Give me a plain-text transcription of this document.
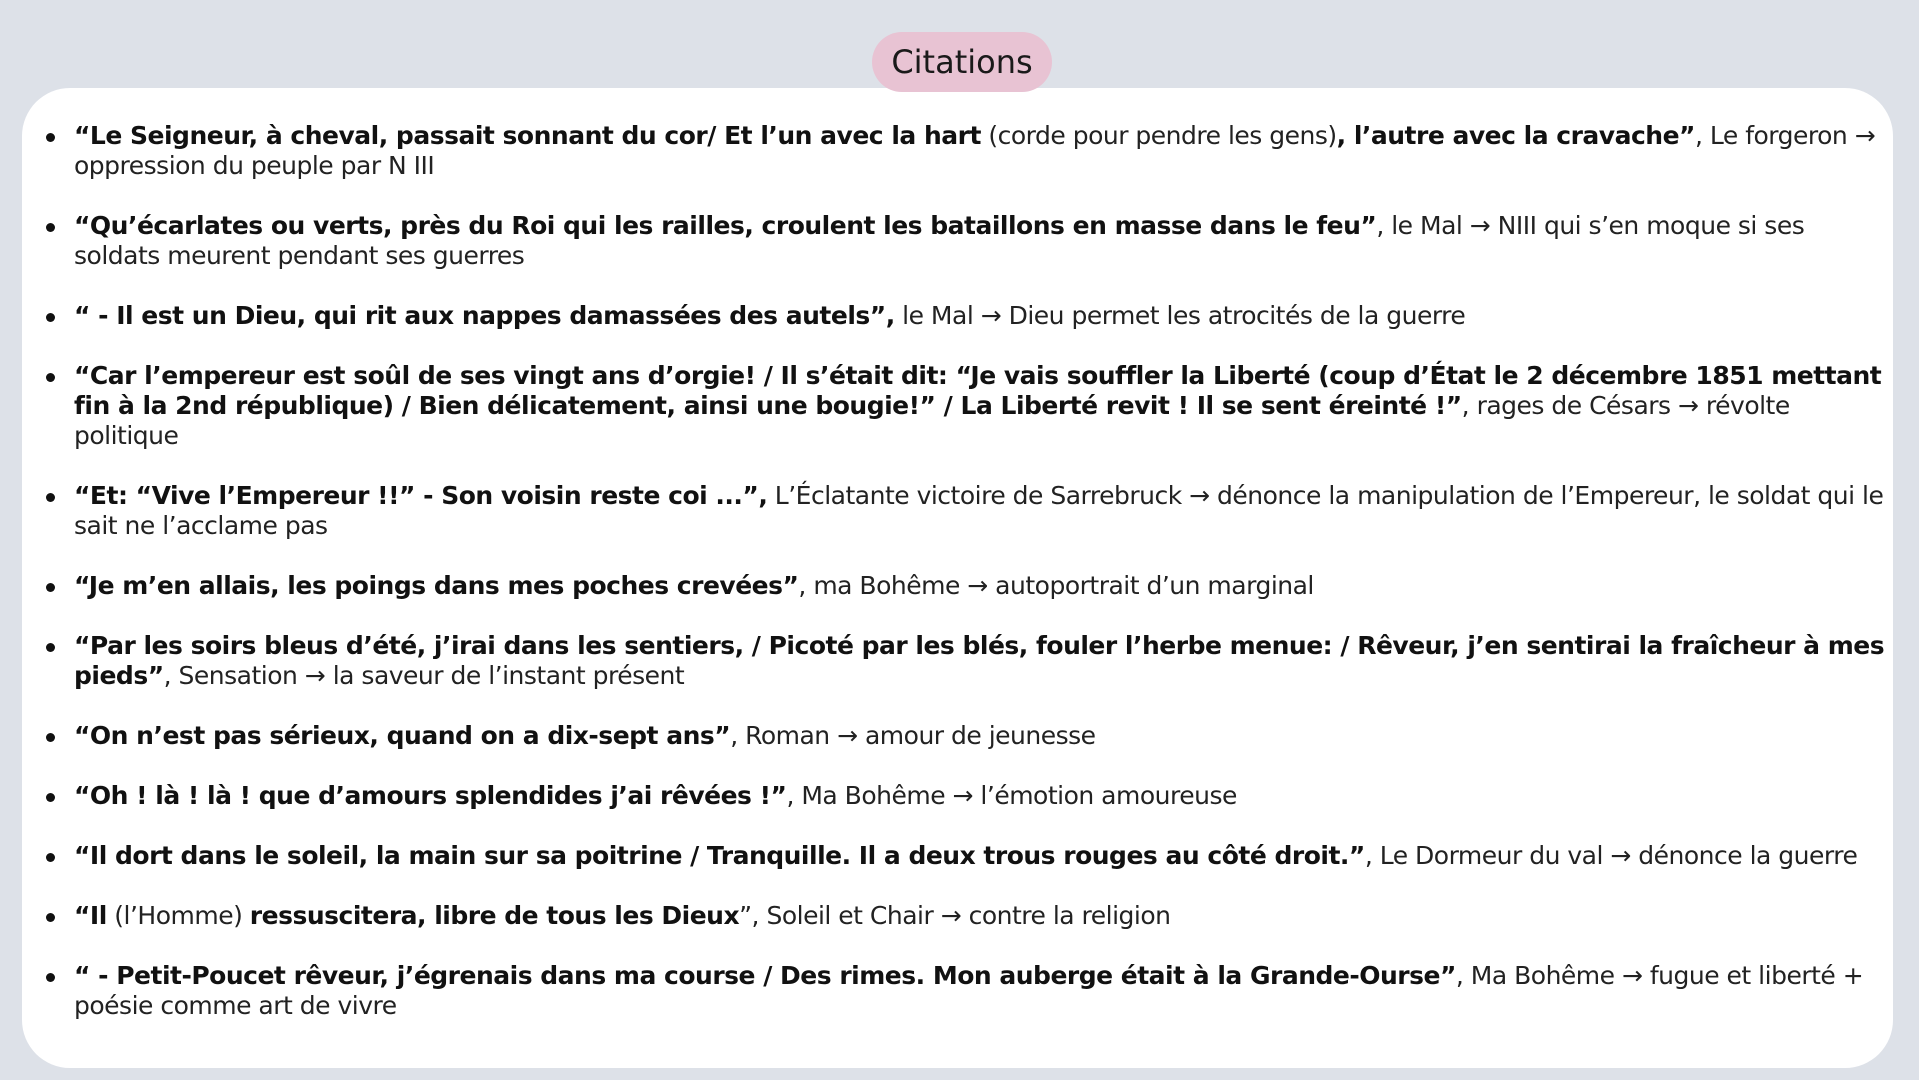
Citations
“Le Seigneur, à cheval, passait sonnant du cor/ Et l’un avec la hart (corde pour pendre les gens), l’autre avec la cravache”, Le forgeron → oppression du peuple par N III
“Qu’écarlates ou verts, près du Roi qui les railles, croulent les bataillons en masse dans le feu”, le Mal → NIII qui s’en moque si ses soldats meurent pendant ses guerres
“ - Il est un Dieu, qui rit aux nappes damassées des autels”, le Mal → Dieu permet les atrocités de la guerre
“Car l’empereur est soûl de ses vingt ans d’orgie! / Il s’était dit: “Je vais souffler la Liberté (coup d’État le 2 décembre 1851 mettant fin à la 2nd république) / Bien délicatement, ainsi une bougie!” / La Liberté revit ! Il se sent éreinté !”, rages de Césars → révolte politique
“Et: “Vive l’Empereur !!” - Son voisin reste coi ...”, L’Éclatante victoire de Sarrebruck → dénonce la manipulation de l’Empereur, le soldat qui le sait ne l’acclame pas
“Je m’en allais, les poings dans mes poches crevées”, ma Bohême → autoportrait d’un marginal
“Par les soirs bleus d’été, j’irai dans les sentiers, / Picoté par les blés, fouler l’herbe menue: / Rêveur, j’en sentirai la fraîcheur à mes pieds”, Sensation → la saveur de l’instant présent
“On n’est pas sérieux, quand on a dix-sept ans”, Roman → amour de jeunesse
“Oh ! là ! là ! que d’amours splendides j’ai rêvées !”, Ma Bohême → l’émotion amoureuse
“Il dort dans le soleil, la main sur sa poitrine / Tranquille. Il a deux trous rouges au côté droit.”, Le Dormeur du val → dénonce la guerre
“Il (l’Homme) ressuscitera, libre de tous les Dieux”, Soleil et Chair → contre la religion
“ - Petit-Poucet rêveur, j’égrenais dans ma course / Des rimes. Mon auberge était à la Grande-Ourse”, Ma Bohême → fugue et liberté + poésie comme art de vivre
